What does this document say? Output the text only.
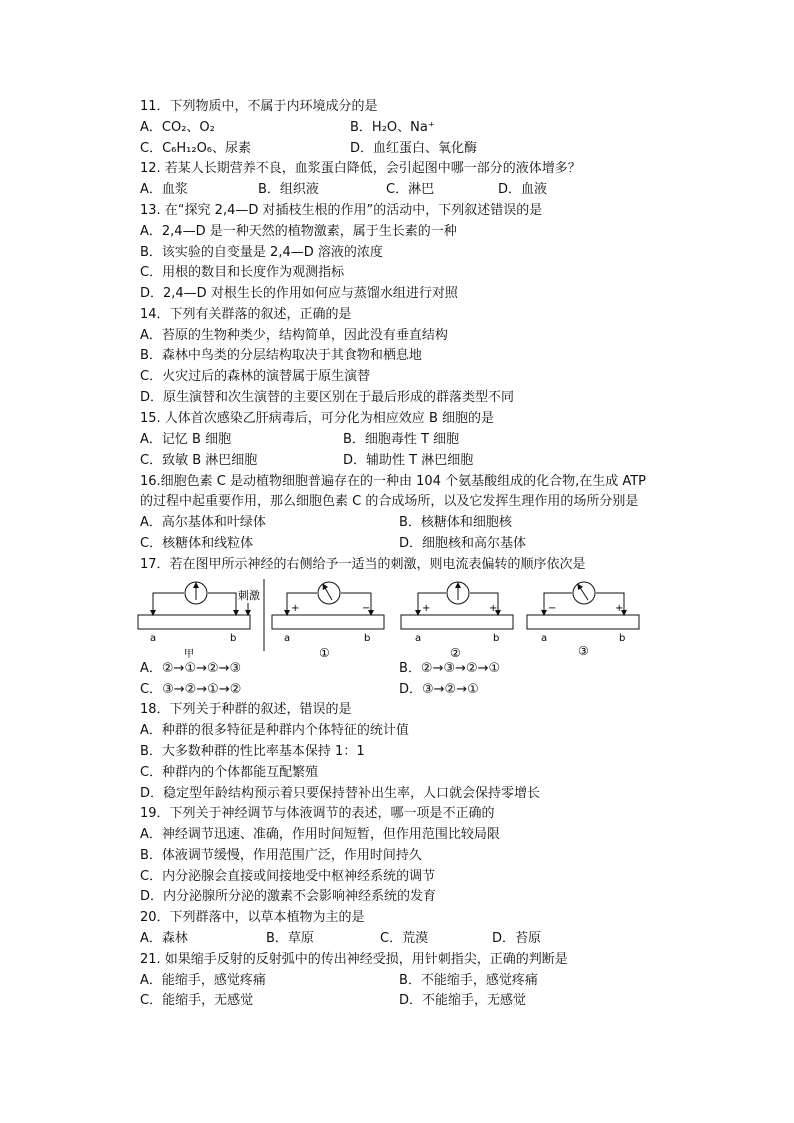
11．下列物质中，不属于内环境成分的是
A．CO₂、O₂	B．H₂O、Na⁺
C．C₆H₁₂O₆、尿素	D．血红蛋白、氧化酶
12. 若某人长期营养不良，血浆蛋白降低，会引起图中哪一部分的液体增多？
A．血浆	B．组织液	C．淋巴	D．血液
13. 在“探究 2,4—D 对插枝生根的作用”的活动中，下列叙述错误的是
A．2,4—D 是一种天然的植物激素，属于生长素的一种
B．该实验的自变量是 2,4—D 溶液的浓度
C．用根的数目和长度作为观测指标
D．2,4—D 对根生长的作用如何应与蒸馏水组进行对照
14．下列有关群落的叙述，正确的是
A．苔原的生物种类少，结构简单，因此没有垂直结构
B．森林中鸟类的分层结构取决于其食物和栖息地
C．火灾过后的森林的演替属于原生演替
D．原生演替和次生演替的主要区别在于最后形成的群落类型不同
15. 人体首次感染乙肝病毒后，可分化为相应效应 B 细胞的是
A．记忆 B 细胞	B．细胞毒性 T 细胞
C．致敏 B 淋巴细胞	D．辅助性 T 淋巴细胞
16.细胞色素 C 是动植物细胞普遍存在的一种由 104 个氨基酸组成的化合物,在生成 ATP
的过程中起重要作用，那么细胞色素 C 的合成场所，以及它发挥生理作用的场所分别是
A．高尔基体和叶绿体	B．核糖体和细胞核
C．核糖体和线粒体	D．细胞核和高尔基体
17．若在图甲所示神经的右侧给予一适当的刺激，则电流表偏转的顺序依次是
刺激
a	b
甲
+	−
a	b
①
+	+
a	b
②
−	+
a	b
③
A．②→①→②→③	B．②→③→②→①
C．③→②→①→②	D．③→②→①
18．下列关于种群的叙述，错误的是
A．种群的很多特征是种群内个体特征的统计值
B．大多数种群的性比率基本保持 1：1
C．种群内的个体都能互配繁殖
D．稳定型年龄结构预示着只要保持替补出生率，人口就会保持零增长
19．下列关于神经调节与体液调节的表述，哪一项是不正确的
A．神经调节迅速、准确，作用时间短暂，但作用范围比较局限
B．体液调节缓慢，作用范围广泛，作用时间持久
C．内分泌腺会直接或间接地受中枢神经系统的调节
D．内分泌腺所分泌的激素不会影响神经系统的发育
20．下列群落中，以草本植物为主的是
A．森林	B．草原	C．荒漠	D．苔原
21. 如果缩手反射的反射弧中的传出神经受损，用针刺指尖，正确的判断是
A．能缩手，感觉疼痛	B．不能缩手，感觉疼痛
C．能缩手，无感觉	D．不能缩手，无感觉
